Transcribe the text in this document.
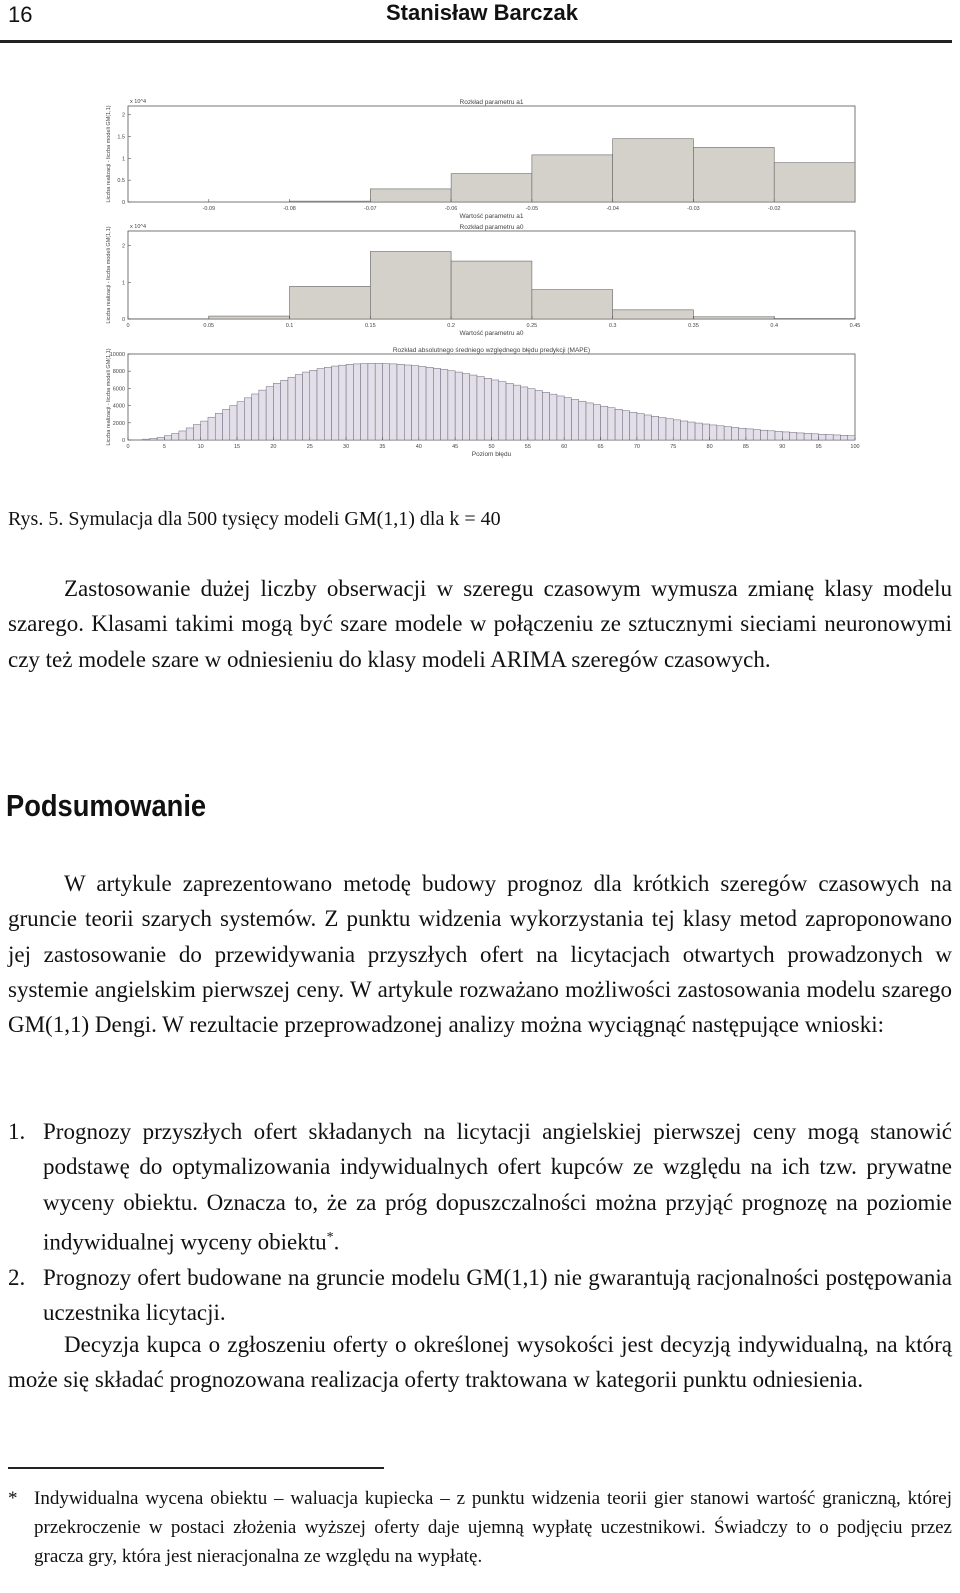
16	Stanisław Barczak
Rozkład parametru a1
-0.09	-0.08	-0.07	-0.06	-0.05	-0.04	-0.03	-0.02
0
0.5
1
1.5
2
x 10^4
Wartość parametru a1
Liczba realizacji - liczba modeli GM(1,1)
Rozkład parametru a0
0	0.05	0.1	0.15	0.2	0.25	0.3	0.35	0.4	0.45
0
1
2
x 10^4
Wartość parametru a0
Liczba realizacji - liczba modeli GM(1,1)
Rozkład absolutnego średniego względnego błędu predykcji (MAPE)
0	5	10	15	20	25	30	35	40	45	50	55	60	65	70	75	80	85	90	95	100
0
2000
4000
6000
8000
10000
Poziom błędu
Liczba realizacji - liczba modeli GM(1,1)
Rys. 5. Symulacja dla 500 tysięcy modeli GM(1,1) dla k = 40

Zastosowanie dużej liczby obserwacji w szeregu czasowym wymusza zmianę klasy modelu szarego. Klasami takimi mogą być szare modele w połączeniu ze sztucznymi sieciami neuronowymi czy też modele szare w odniesieniu do klasy modeli ARIMA szeregów czasowych.

Podsumowanie

W artykule zaprezentowano metodę budowy prognoz dla krótkich szeregów czasowych na gruncie teorii szarych systemów. Z punktu widzenia wykorzystania tej klasy metod zaproponowano jej zastosowanie do przewidywania przyszłych ofert na licytacjach otwartych prowadzonych w systemie angielskim pierwszej ceny. W artykule rozważano możliwości zastosowania modelu szarego GM(1,1) Dengi. W rezultacie przeprowadzonej analizy można wyciągnąć następujące wnioski:

1. Prognozy przyszłych ofert składanych na licytacji angielskiej pierwszej ceny mogą stanowić podstawę do optymalizowania indywidualnych ofert kupców ze względu na ich tzw. prywatne wyceny obiektu. Oznacza to, że za próg dopuszczalności można przyjąć prognozę na poziomie indywidualnej wyceny obiektu*.
2. Prognozy ofert budowane na gruncie modelu GM(1,1) nie gwarantują racjonalności postępowania uczestnika licytacji.

Decyzja kupca o zgłoszeniu oferty o określonej wysokości jest decyzją indywidualną, na którą może się składać prognozowana realizacja oferty traktowana w kategorii punktu odniesienia.

* Indywidualna wycena obiektu – waluacja kupiecka – z punktu widzenia teorii gier stanowi wartość graniczną, której przekroczenie w postaci złożenia wyższej oferty daje ujemną wypłatę uczestnikowi. Świadczy to o podjęciu przez gracza gry, która jest nieracjonalna ze względu na wypłatę.
